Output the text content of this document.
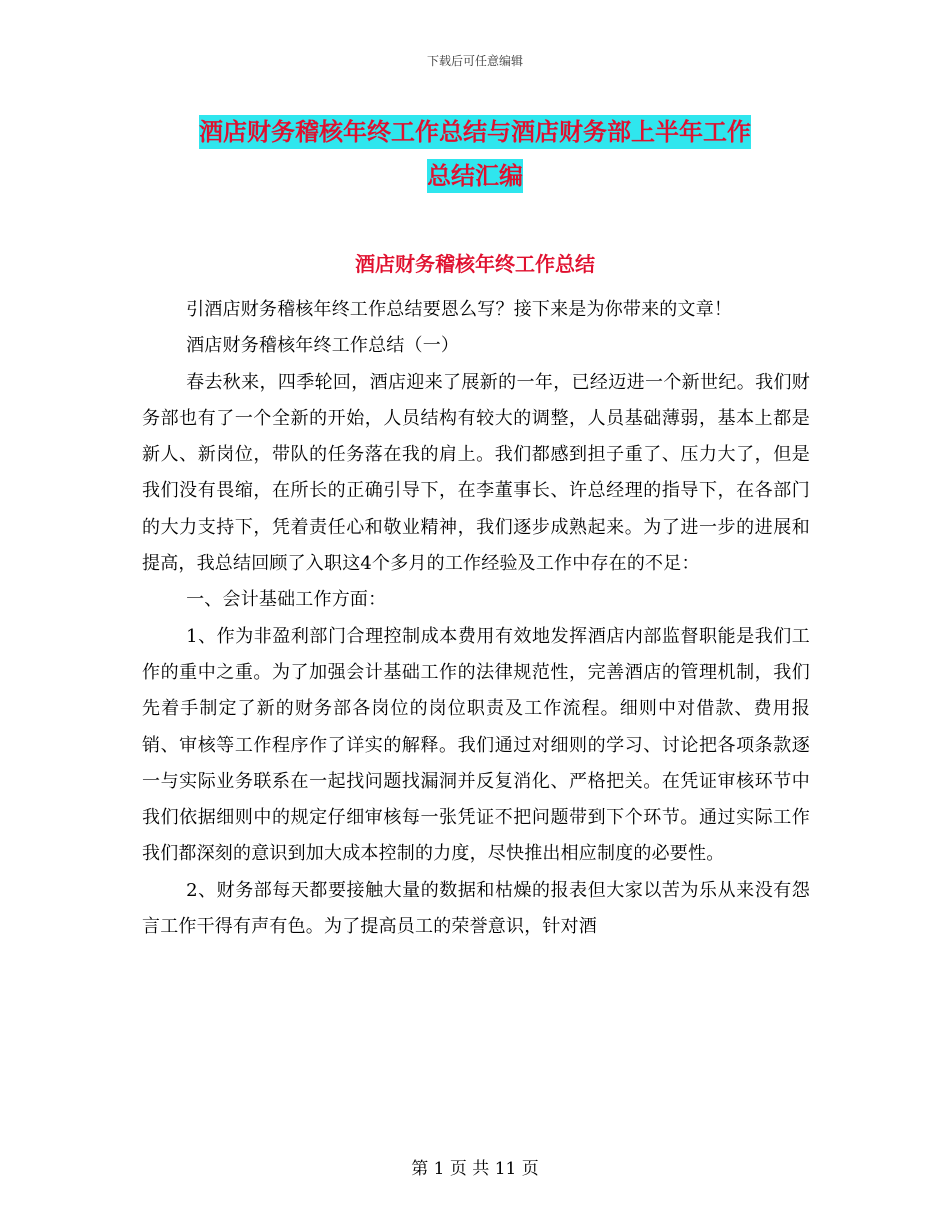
下载后可任意编辑
酒店财务稽核年终工作总结与酒店财务部上半年工作
总结汇编
酒店财务稽核年终工作总结

引酒店财务稽核年终工作总结要恩么写？接下来是为你带来的文章！

酒店财务稽核年终工作总结（一）

春去秋来，四季轮回，酒店迎来了展新的一年，已经迈进一个新世纪。我们财务部也有了一个全新的开始，人员结构有较大的调整，人员基础薄弱，基本上都是新人、新岗位，带队的任务落在我的肩上。我们都感到担子重了、压力大了，但是我们没有畏缩，在所长的正确引导下，在李董事长、许总经理的指导下，在各部门的大力支持下，凭着责任心和敬业精神，我们逐步成熟起来。为了进一步的进展和提高，我总结回顾了入职这4个多月的工作经验及工作中存在的不足：

一、会计基础工作方面：

1、作为非盈利部门合理控制成本费用有效地发挥酒店内部监督职能是我们工作的重中之重。为了加强会计基础工作的法律规范性，完善酒店的管理机制，我们先着手制定了新的财务部各岗位的岗位职责及工作流程。细则中对借款、费用报销、审核等工作程序作了详实的解释。我们通过对细则的学习、讨论把各项条款逐一与实际业务联系在一起找问题找漏洞并反复消化、严格把关。在凭证审核环节中我们依据细则中的规定仔细审核每一张凭证不把问题带到下个环节。通过实际工作我们都深刻的意识到加大成本控制的力度，尽快推出相应制度的必要性。

2、财务部每天都要接触大量的数据和枯燥的报表但大家以苦为乐从来没有怨言工作干得有声有色。为了提高员工的荣誉意识，针对酒

第 1 页 共 11 页
